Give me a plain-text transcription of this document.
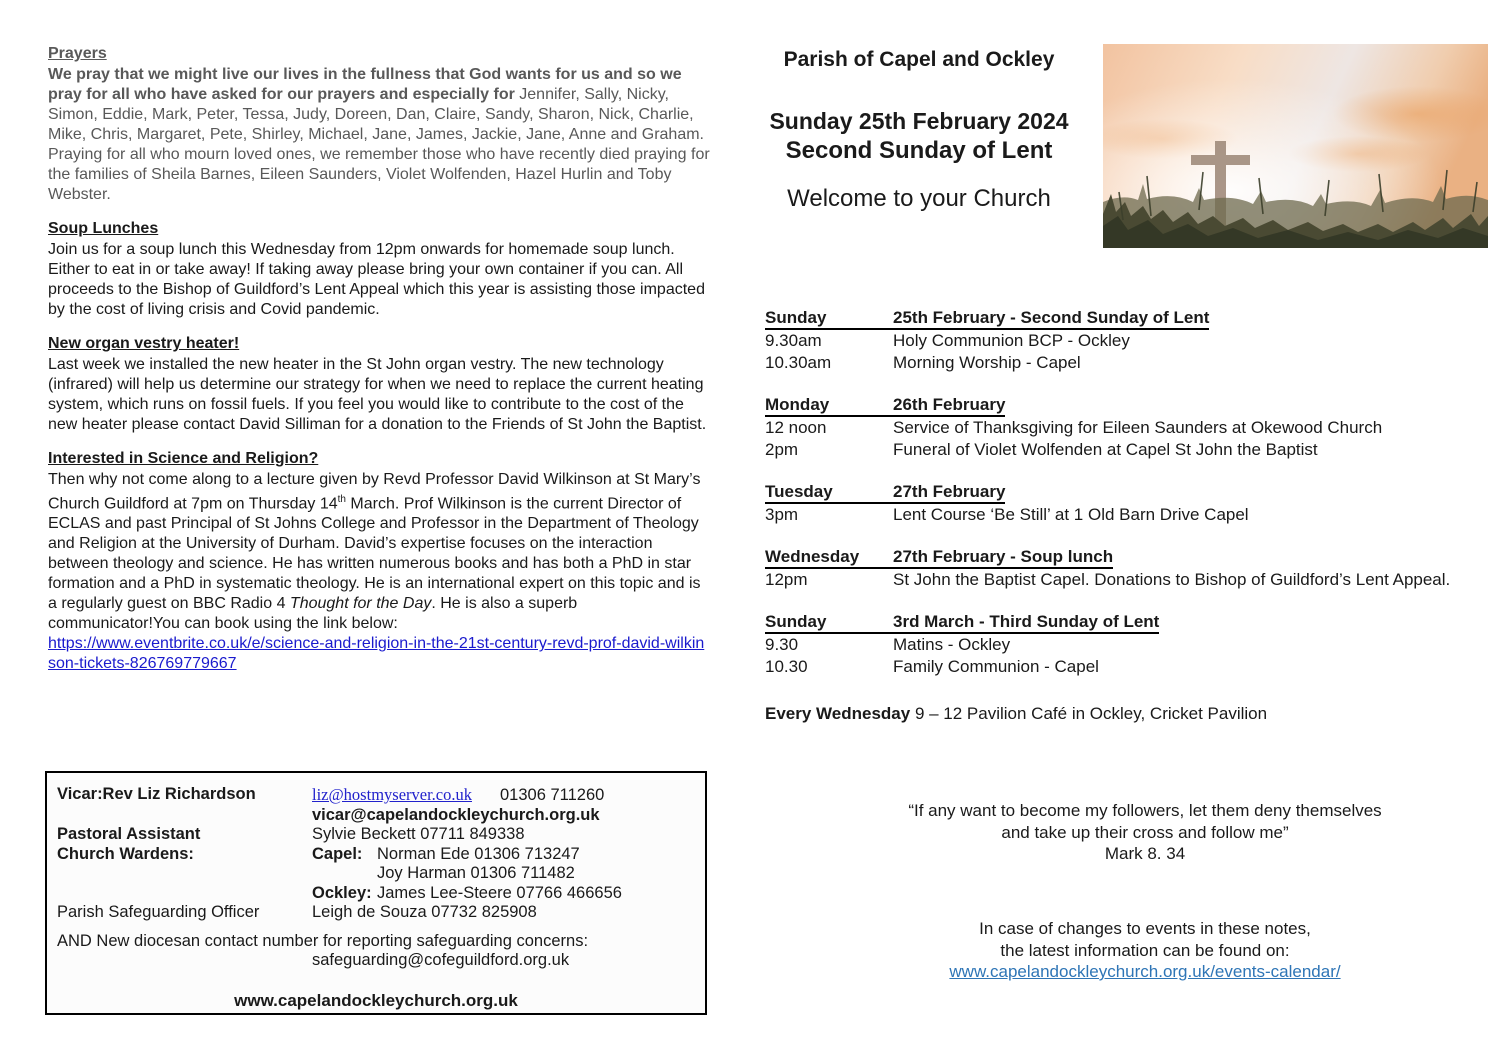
Prayers
We pray that we might live our lives in the fullness that God wants for us and so we pray for all who have asked for our prayers and especially for Jennifer, Sally, Nicky, Simon, Eddie, Mark, Peter, Tessa, Judy, Doreen, Dan, Claire, Sandy, Sharon, Nick, Charlie, Mike, Chris, Margaret, Pete, Shirley, Michael, Jane, James, Jackie, Jane, Anne and Graham. Praying for all who mourn loved ones, we remember those who have recently died praying for the families of Sheila Barnes, Eileen Saunders, Violet Wolfenden, Hazel Hurlin and Toby Webster.
Soup Lunches
Join us for a soup lunch this Wednesday from 12pm onwards for homemade soup lunch. Either to eat in or take away! If taking away please bring your own container if you can. All proceeds to the Bishop of Guildford’s Lent Appeal which this year is assisting those impacted by the cost of living crisis and Covid pandemic.
New organ vestry heater!
Last week we installed the new heater in the St John organ vestry. The new technology (infrared) will help us determine our strategy for when we need to replace the current heating system, which runs on fossil fuels. If you feel you would like to contribute to the cost of the new heater please contact David Silliman for a donation to the Friends of St John the Baptist.
Interested in Science and Religion?
Then why not come along to a lecture given by Revd Professor David Wilkinson at St Mary’s Church Guildford at 7pm on Thursday 14th March. Prof Wilkinson is the current Director of ECLAS and past Principal of St Johns College and Professor in the Department of Theology and Religion at the University of Durham. David’s expertise focuses on the interaction between theology and science. He has written numerous books and has both a PhD in star formation and a PhD in systematic theology. He is an international expert on this topic and is a regularly guest on BBC Radio 4 Thought for the Day. He is also a superb communicator!You can book using the link below:
https://www.eventbrite.co.uk/e/science-and-religion-in-the-21st-century-revd-prof-david-wilkinson-tickets-826769779667
Vicar:Rev Liz Richardson	liz@hostmyserver.co.uk 01306 711260
vicar@capelandockleychurch.org.uk
Pastoral Assistant	Sylvie Beckett 07711 849338
Church Wardens:	Capel: Norman Ede 01306 713247
Joy Harman 01306 711482
Ockley: James Lee-Steere 07766 466656
Parish Safeguarding Officer	Leigh de Souza 07732 825908
AND New diocesan contact number for reporting safeguarding concerns:
safeguarding@cofeguildford.org.uk
www.capelandockleychurch.org.uk
Parish of Capel and Ockley
Sunday 25th February 2024
Second Sunday of Lent
Welcome to your Church
Sunday	25th February - Second Sunday of Lent
9.30am	Holy Communion BCP - Ockley
10.30am	Morning Worship - Capel
Monday	26th February
12 noon	Service of Thanksgiving for Eileen Saunders at Okewood Church
2pm	Funeral of Violet Wolfenden at Capel St John the Baptist
Tuesday	27th February
3pm	Lent Course ‘Be Still’ at 1 Old Barn Drive Capel
Wednesday	27th February - Soup lunch
12pm	St John the Baptist Capel. Donations to Bishop of Guildford’s Lent Appeal.
Sunday	3rd March - Third Sunday of Lent
9.30	Matins - Ockley
10.30	Family Communion - Capel
Every Wednesday 9 – 12 Pavilion Café in Ockley, Cricket Pavilion
“If any want to become my followers, let them deny themselves
and take up their cross and follow me”
Mark 8. 34
In case of changes to events in these notes,
the latest information can be found on:
www.capelandockleychurch.org.uk/events-calendar/
